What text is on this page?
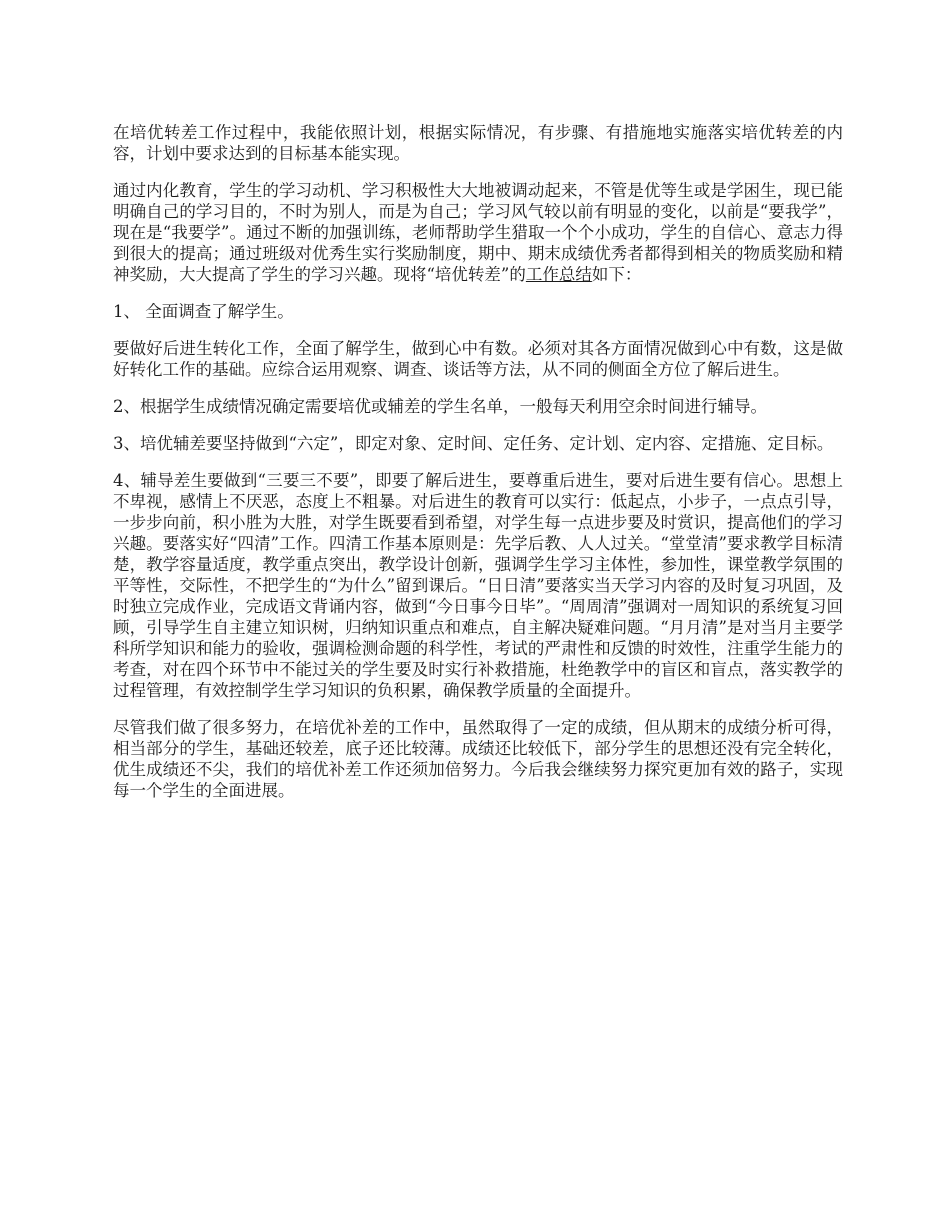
在培优转差工作过程中，我能依照计划，根据实际情况，有步骤、有措施地实施落实培优转差的内容，计划中要求达到的目标基本能实现。

通过内化教育，学生的学习动机、学习积极性大大地被调动起来，不管是优等生或是学困生，现已能明确自己的学习目的，不时为别人，而是为自己；学习风气较以前有明显的变化，以前是“要我学”，现在是“我要学”。通过不断的加强训练，老师帮助学生猎取一个个小成功，学生的自信心、意志力得到很大的提高；通过班级对优秀生实行奖励制度，期中、期末成绩优秀者都得到相关的物质奖励和精神奖励，大大提高了学生的学习兴趣。现将“培优转差”的工作总结如下：

1、 全面调查了解学生。

要做好后进生转化工作，全面了解学生，做到心中有数。必须对其各方面情况做到心中有数，这是做好转化工作的基础。应综合运用观察、调查、谈话等方法，从不同的侧面全方位了解后进生。

2、根据学生成绩情况确定需要培优或辅差的学生名单，一般每天利用空余时间进行辅导。

3、培优辅差要坚持做到“六定”，即定对象、定时间、定任务、定计划、定内容、定措施、定目标。

4、辅导差生要做到“三要三不要”，即要了解后进生，要尊重后进生，要对后进生要有信心。思想上不卑视，感情上不厌恶，态度上不粗暴。对后进生的教育可以实行：低起点，小步子，一点点引导，一步步向前，积小胜为大胜，对学生既要看到希望，对学生每一点进步要及时赏识，提高他们的学习兴趣。要落实好“四清”工作。四清工作基本原则是：先学后教、人人过关。“堂堂清”要求教学目标清楚，教学容量适度，教学重点突出，教学设计创新，强调学生学习主体性，参加性，课堂教学氛围的平等性，交际性，不把学生的“为什么”留到课后。“日日清”要落实当天学习内容的及时复习巩固，及时独立完成作业，完成语文背诵内容，做到“今日事今日毕”。“周周清”强调对一周知识的系统复习回顾，引导学生自主建立知识树，归纳知识重点和难点，自主解决疑难问题。“月月清”是对当月主要学科所学知识和能力的验收，强调检测命题的科学性，考试的严肃性和反馈的时效性，注重学生能力的考查，对在四个环节中不能过关的学生要及时实行补救措施，杜绝教学中的盲区和盲点，落实教学的过程管理，有效控制学生学习知识的负积累，确保教学质量的全面提升。

尽管我们做了很多努力，在培优补差的工作中，虽然取得了一定的成绩，但从期末的成绩分析可得，相当部分的学生，基础还较差，底子还比较薄。成绩还比较低下，部分学生的思想还没有完全转化，优生成绩还不尖，我们的培优补差工作还须加倍努力。今后我会继续努力探究更加有效的路子，实现每一个学生的全面进展。
